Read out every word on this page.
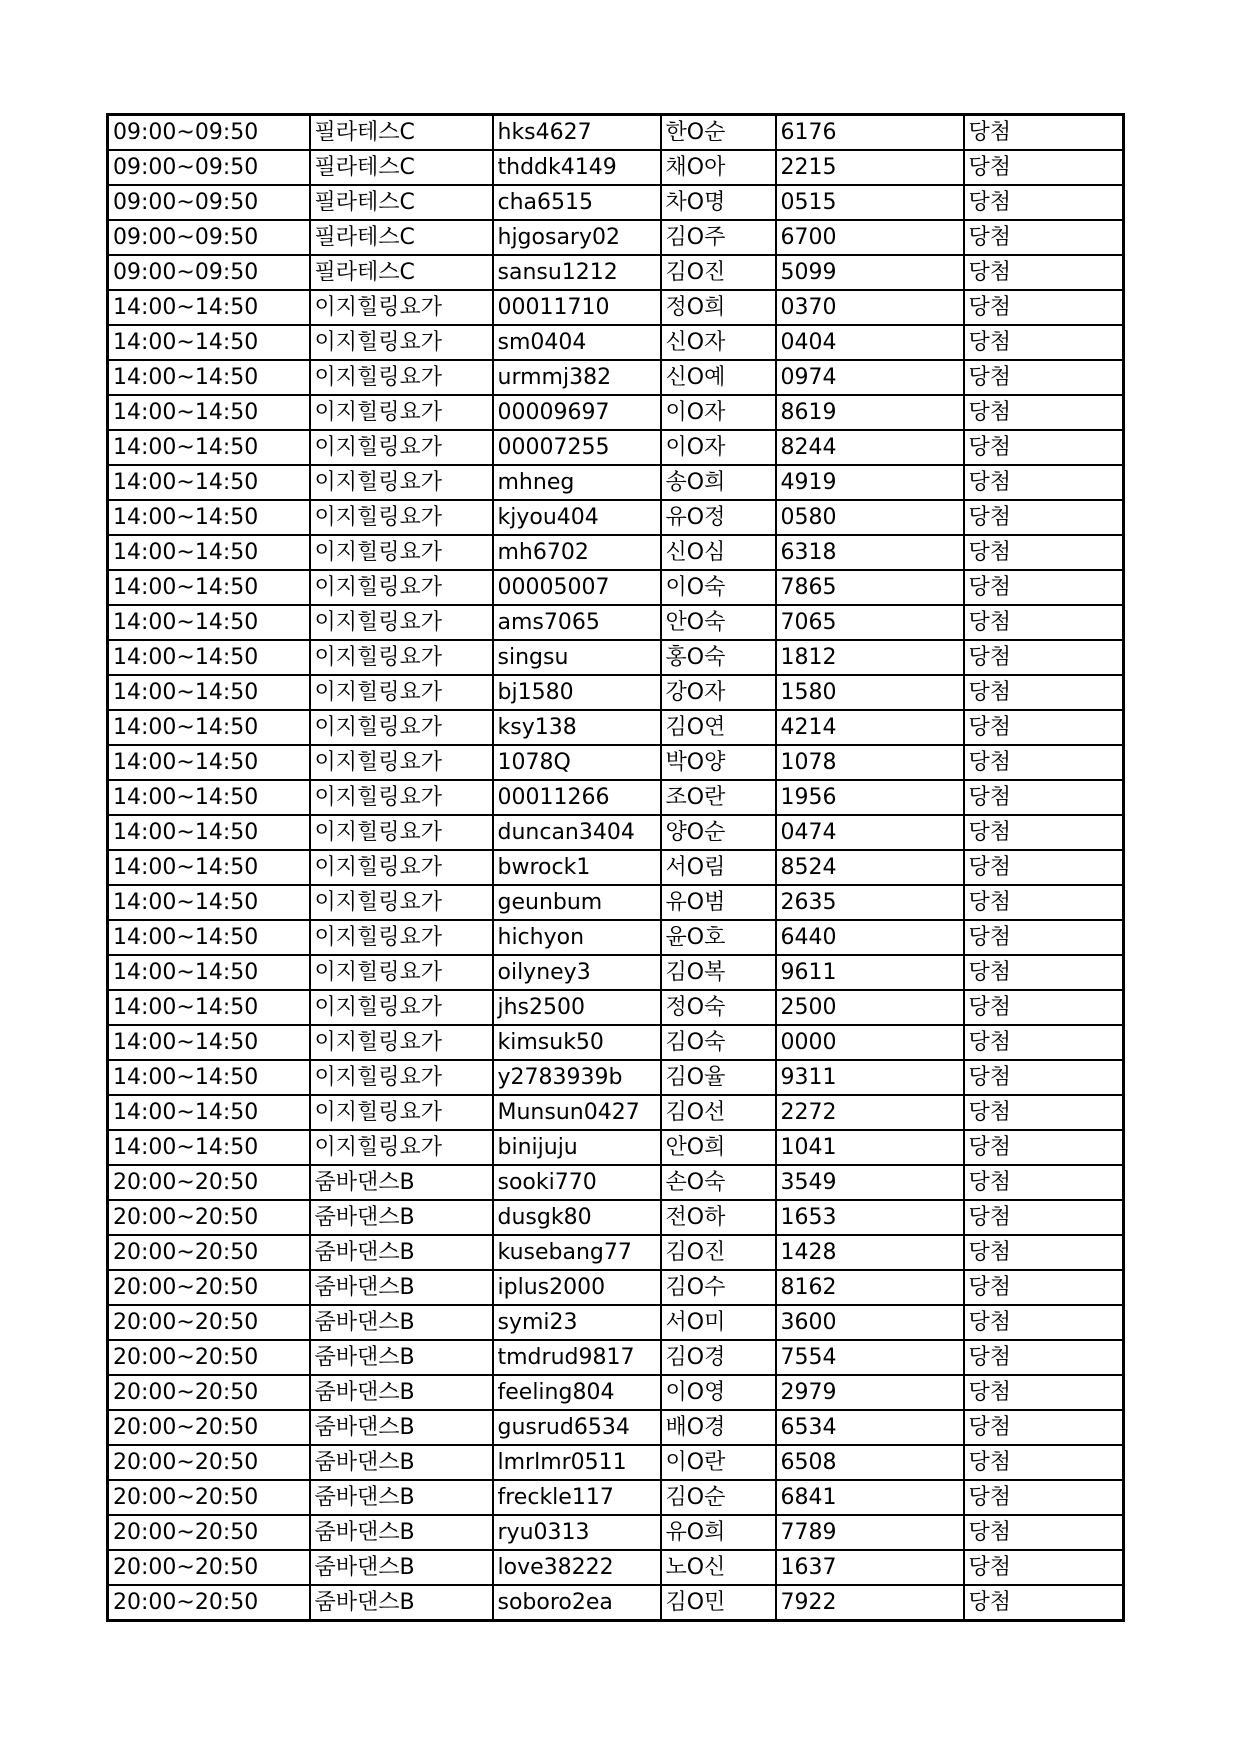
09:00~09:50	필라테스C	hks4627	한O순	6176	당첨
09:00~09:50	필라테스C	thddk4149	채O아	2215	당첨
09:00~09:50	필라테스C	cha6515	차O명	0515	당첨
09:00~09:50	필라테스C	hjgosary02	김O주	6700	당첨
09:00~09:50	필라테스C	sansu1212	김O진	5099	당첨
14:00~14:50	이지힐링요가	00011710	정O희	0370	당첨
14:00~14:50	이지힐링요가	sm0404	신O자	0404	당첨
14:00~14:50	이지힐링요가	urmmj382	신O예	0974	당첨
14:00~14:50	이지힐링요가	00009697	이O자	8619	당첨
14:00~14:50	이지힐링요가	00007255	이O자	8244	당첨
14:00~14:50	이지힐링요가	mhneg	송O희	4919	당첨
14:00~14:50	이지힐링요가	kjyou404	유O정	0580	당첨
14:00~14:50	이지힐링요가	mh6702	신O심	6318	당첨
14:00~14:50	이지힐링요가	00005007	이O숙	7865	당첨
14:00~14:50	이지힐링요가	ams7065	안O숙	7065	당첨
14:00~14:50	이지힐링요가	singsu	홍O숙	1812	당첨
14:00~14:50	이지힐링요가	bj1580	강O자	1580	당첨
14:00~14:50	이지힐링요가	ksy138	김O연	4214	당첨
14:00~14:50	이지힐링요가	1078Q	박O양	1078	당첨
14:00~14:50	이지힐링요가	00011266	조O란	1956	당첨
14:00~14:50	이지힐링요가	duncan3404	양O순	0474	당첨
14:00~14:50	이지힐링요가	bwrock1	서O림	8524	당첨
14:00~14:50	이지힐링요가	geunbum	유O범	2635	당첨
14:00~14:50	이지힐링요가	hichyon	윤O호	6440	당첨
14:00~14:50	이지힐링요가	oilyney3	김O복	9611	당첨
14:00~14:50	이지힐링요가	jhs2500	정O숙	2500	당첨
14:00~14:50	이지힐링요가	kimsuk50	김O숙	0000	당첨
14:00~14:50	이지힐링요가	y2783939b	김O율	9311	당첨
14:00~14:50	이지힐링요가	Munsun0427	김O선	2272	당첨
14:00~14:50	이지힐링요가	binijuju	안O희	1041	당첨
20:00~20:50	줌바댄스B	sooki770	손O숙	3549	당첨
20:00~20:50	줌바댄스B	dusgk80	전O하	1653	당첨
20:00~20:50	줌바댄스B	kusebang77	김O진	1428	당첨
20:00~20:50	줌바댄스B	iplus2000	김O수	8162	당첨
20:00~20:50	줌바댄스B	symi23	서O미	3600	당첨
20:00~20:50	줌바댄스B	tmdrud9817	김O경	7554	당첨
20:00~20:50	줌바댄스B	feeling804	이O영	2979	당첨
20:00~20:50	줌바댄스B	gusrud6534	배O경	6534	당첨
20:00~20:50	줌바댄스B	lmrlmr0511	이O란	6508	당첨
20:00~20:50	줌바댄스B	freckle117	김O순	6841	당첨
20:00~20:50	줌바댄스B	ryu0313	유O희	7789	당첨
20:00~20:50	줌바댄스B	love38222	노O신	1637	당첨
20:00~20:50	줌바댄스B	soboro2ea	김O민	7922	당첨
